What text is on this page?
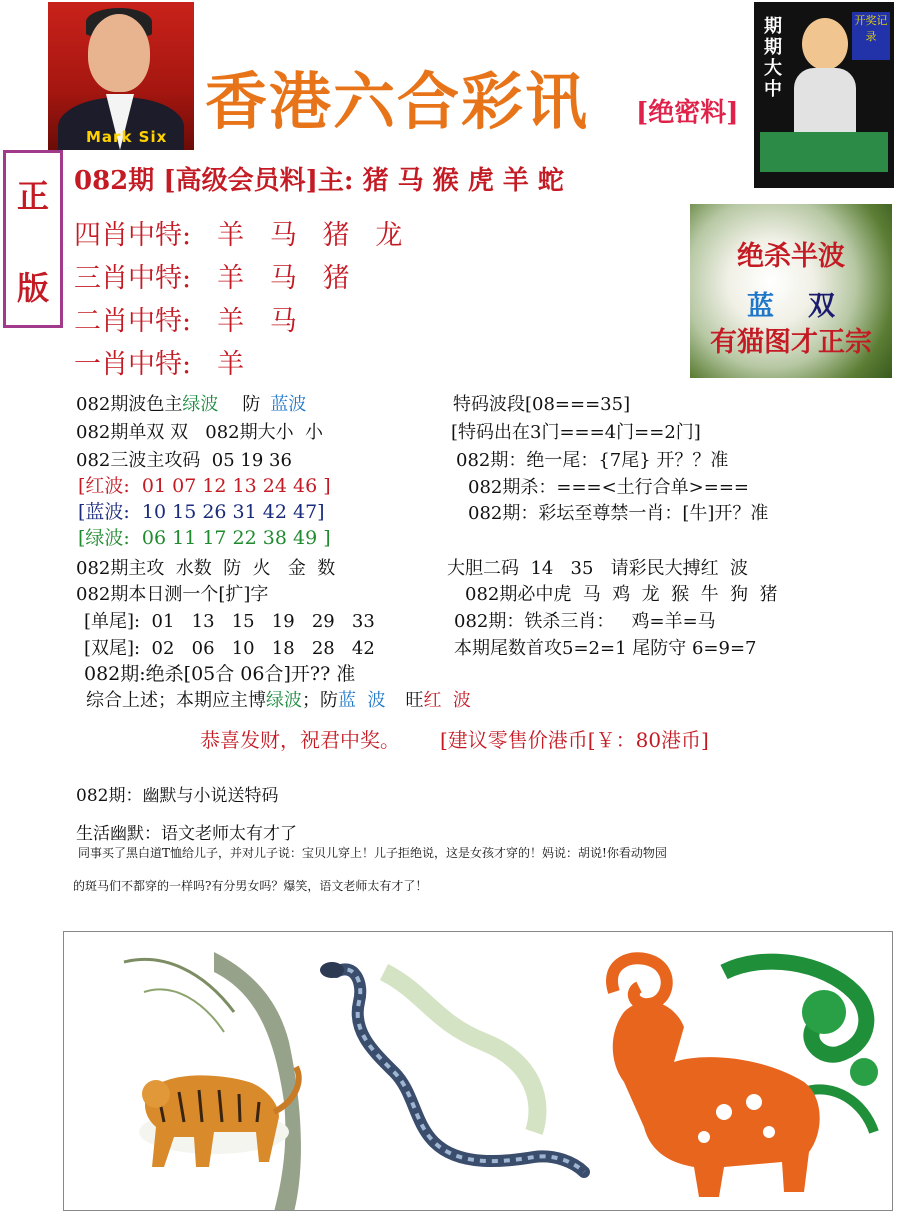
Mark Six 香港六合彩讯 [绝密料]
期期大中
开奖记录
正
版
082期 [高级会员料]主: 猪 马 猴 虎 羊 蛇
四肖中特: 羊   马   猪   龙
三肖中特: 羊   马   猪
二肖中特: 羊   马
一肖中特: 羊
绝杀半波
蓝 双
有猫图才正宗
082期波色主绿波 防 蓝波
082期单双 双   082期大小  小
082三波主攻码  05 19 36
[红波:  01 07 12 13 24 46 ]
[蓝波:  10 15 26 31 42 47]
[绿波:  06 11 17 22 38 49 ]
082期主攻  水数  防  火   金  数
082期本日测一个[扩]字
[单尾]:  01   13   15   19   29   33
[双尾]:  02   06   10   18   28   42
082期:绝杀[05合 06合]开?? 准
综合上述；本期应主博绿波；防蓝  波 旺红  波
特码波段[08===35]
[特码出在3门===4门==2门]
082期：绝一尾：{7尾} 开？？准
082期杀：===<土行合单>===
082期：彩坛至尊禁一肖：[牛]开？准
大胆二码  14   35   请彩民大搏红  波
082期必中虎  马  鸡  龙  猴  牛  狗  猪
082期：铁杀三肖：   鸡=羊=马
本期尾数首攻5=2=1 尾防守 6=9=7
恭喜发财，祝君中奖。 [建议零售价港币[￥：80港币]
082期：幽默与小说送特码
生活幽默：语文老师太有才了
同事买了黑白道T恤给儿子，并对儿子说：宝贝儿穿上！儿子拒绝说，这是女孩才穿的！妈说：胡说!你看动物园
的斑马们不都穿的一样吗?有分男女吗？爆笑，语文老师太有才了！
